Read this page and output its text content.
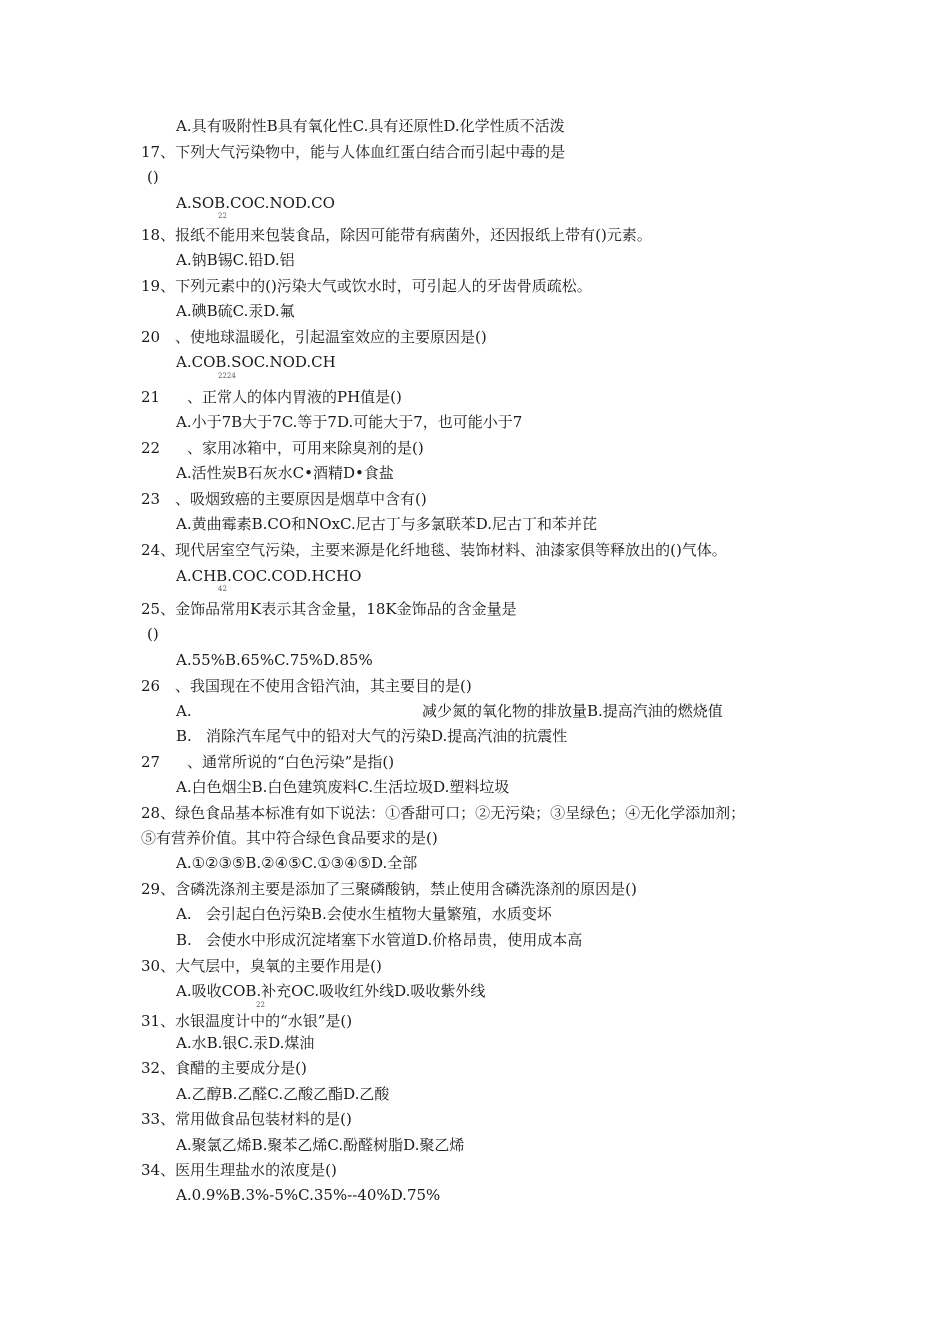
A.具有吸附性B具有氧化性C.具有还原性D.化学性质不活泼
17、下列大气污染物中，能与人体血红蛋白结合而引起中毒的是
()
A.SOB.COC.NOD.CO
22
18、报纸不能用来包装食品，除因可能带有病菌外，还因报纸上带有()元素。
A.钠B锡C.铅D.铝
19、下列元素中的()污染大气或饮水时，可引起人的牙齿骨质疏松。
A.碘B硫C.汞D.氟
20 、使地球温暖化，引起温室效应的主要原因是()
A.COB.SOC.NOD.CH
2224
21 、正常人的体内胃液的PH值是()
A.小于7B大于7C.等于7D.可能大于7，也可能小于7
22 、家用冰箱中，可用来除臭剂的是()
A.活性炭B石灰水C•酒精D•食盐
23 、吸烟致癌的主要原因是烟草中含有()
A.黄曲霉素B.CO和NOxC.尼古丁与多氯联苯D.尼古丁和苯并芘
24、现代居室空气污染，主要来源是化纤地毯、装饰材料、油漆家俱等释放出的()气体。
A.CHB.COC.COD.HCHO
42
25、金饰品常用K表示其含金量，18K金饰品的含金量是
()
A.55%B.65%C.75%D.85%
26 、我国现在不使用含铅汽油，其主要目的是()
A.	减少氮的氧化物的排放量B.提高汽油的燃烧值
B. 消除汽车尾气中的铅对大气的污染D.提高汽油的抗震性
27 、通常所说的“白色污染”是指()
A.白色烟尘B.白色建筑废料C.生活垃圾D.塑料垃圾
28、绿色食品基本标准有如下说法：①香甜可口；②无污染；③呈绿色；④无化学添加剂；
⑤有营养价值。其中符合绿色食品要求的是()
A.①②③⑤B.②④⑤C.①③④⑤D.全部
29、含磷洗涤剂主要是添加了三聚磷酸钠，禁止使用含磷洗涤剂的原因是()
A. 会引起白色污染B.会使水生植物大量繁殖，水质变坏
B. 会使水中形成沉淀堵塞下水管道D.价格昂贵，使用成本高
30、大气层中，臭氧的主要作用是()
A.吸收COB.补充OC.吸收红外线D.吸收紫外线
22
31、水银温度计中的“水银”是()
A.水B.银C.汞D.煤油
32、食醋的主要成分是()
A.乙醇B.乙醛C.乙酸乙酯D.乙酸
33、常用做食品包装材料的是()
A.聚氯乙烯B.聚苯乙烯C.酚醛树脂D.聚乙烯
34、医用生理盐水的浓度是()
A.0.9%B.3%-5%C.35%--40%D.75%
